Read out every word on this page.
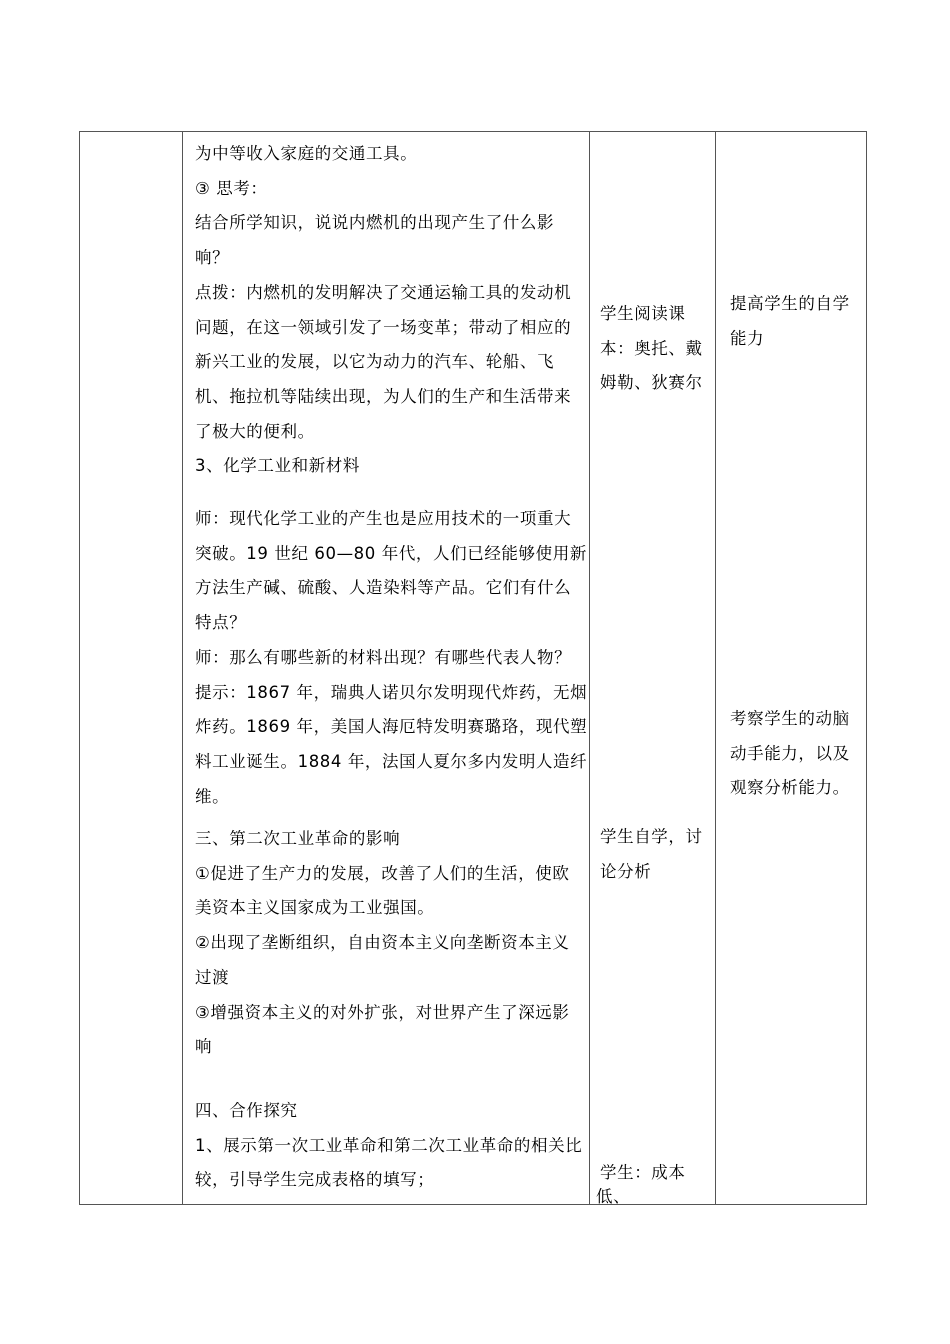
为中等收入家庭的交通工具。
③ 思考：
结合所学知识，说说内燃机的出现产生了什么影
响？
点拨：内燃机的发明解决了交通运输工具的发动机
问题，在这一领域引发了一场变革；带动了相应的
新兴工业的发展，以它为动力的汽车、轮船、飞
机、拖拉机等陆续出现，为人们的生产和生活带来
了极大的便利。
3、化学工业和新材料
师：现代化学工业的产生也是应用技术的一项重大
突破。19 世纪 60—80 年代，人们已经能够使用新
方法生产碱、硫酸、人造染料等产品。它们有什么
特点？
师：那么有哪些新的材料出现？有哪些代表人物？
提示：1867 年，瑞典人诺贝尔发明现代炸药，无烟
炸药。1869 年，美国人海厄特发明赛璐珞，现代塑
料工业诞生。1884 年，法国人夏尔多内发明人造纤
维。
三、第二次工业革命的影响
①促进了生产力的发展，改善了人们的生活，使欧
美资本主义国家成为工业强国。
②出现了垄断组织，自由资本主义向垄断资本主义
过渡
③增强资本主义的对外扩张，对世界产生了深远影
响
四、合作探究
1、展示第一次工业革命和第二次工业革命的相关比
较，引导学生完成表格的填写；
学生阅读课
本：奥托、戴
姆勒、狄赛尔
学生自学，讨
论分析
学生：成本
低、
提高学生的自学
能力
考察学生的动脑
动手能力，以及
观察分析能力。
